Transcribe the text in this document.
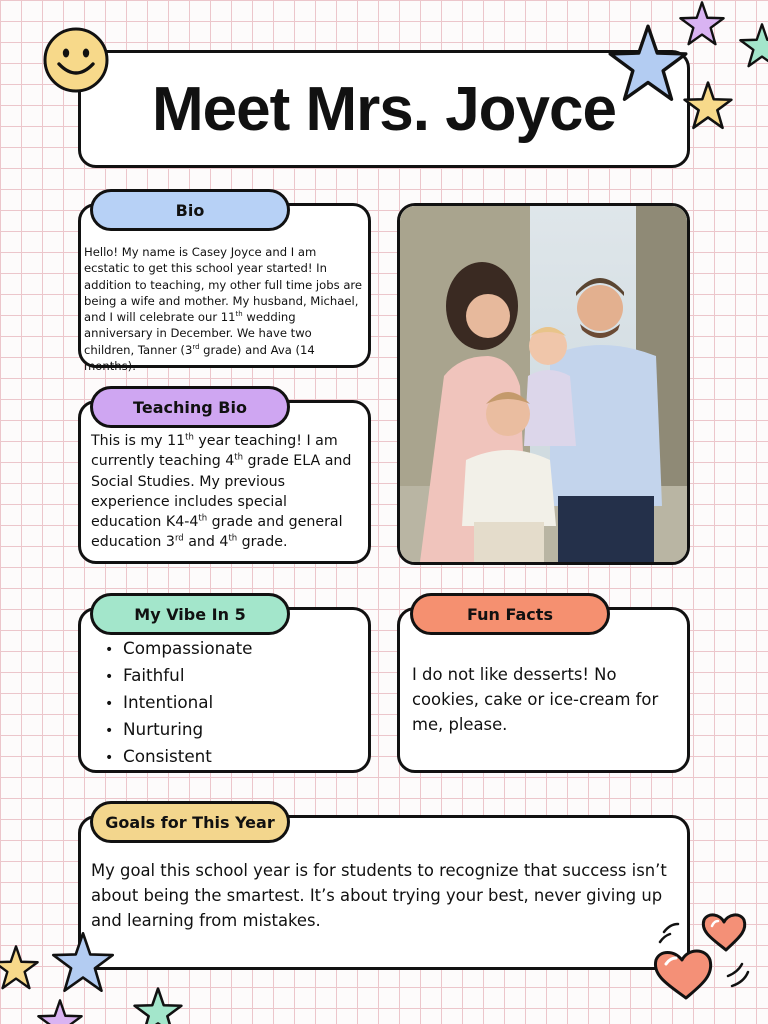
Meet Mrs. Joyce

Hello! My name is Casey Joyce and I am ecstatic to get this school year started! In addition to teaching, my other full time jobs are being a wife and mother. My husband, Michael, and I will celebrate our 11th wedding anniversary in December. We have two children, Tanner (3rd grade) and Ava (14 months).

Bio

This is my 11th year teaching! I am currently teaching 4th grade ELA and Social Studies. My previous experience includes special education K4-4th grade and general education 3rd and 4th grade.

Teaching Bio
• Compassionate
• Faithful
• Intentional
• Nurturing
• Consistent
My Vibe In 5

I do not like desserts! No cookies, cake or ice-cream for me, please.

Fun Facts

My goal this school year is for students to recognize that success isn’t about being the smartest. It’s about trying your best, never giving up and learning from mistakes.

Goals for This Year
